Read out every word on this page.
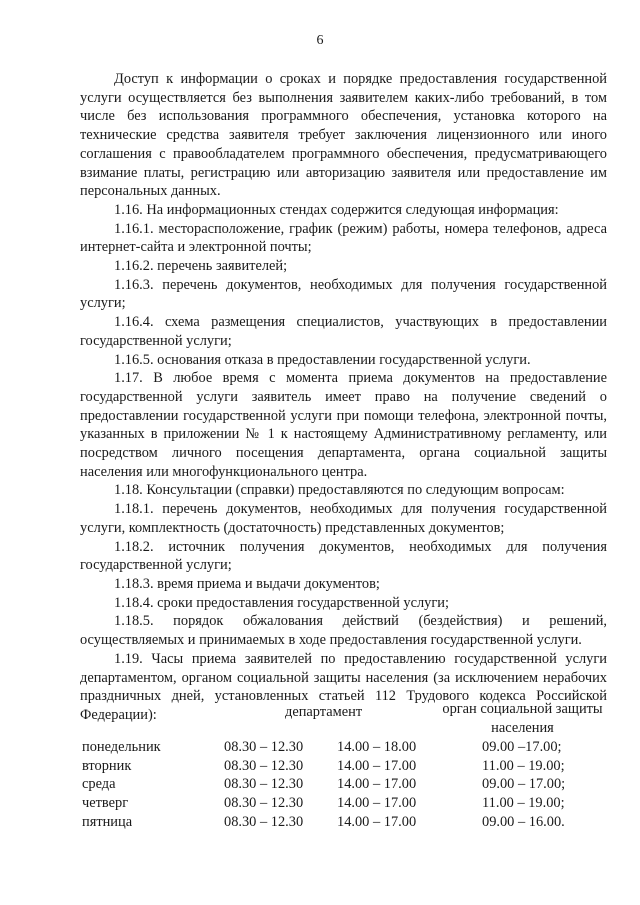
6

Доступ к информации о сроках и порядке предоставления государственной услуги осуществляется без выполнения заявителем каких-либо требований, в том числе без использования программного обеспечения, установка которого на технические средства заявителя требует заключения лицензионного или иного соглашения с правообладателем программного обеспечения, предусматривающего взимание платы, регистрацию или авторизацию заявителя или предоставление им персональных данных.

1.16. На информационных стендах содержится следующая информация:

1.16.1. месторасположение, график (режим) работы, номера телефонов, адреса интернет-сайта и электронной почты;

1.16.2. перечень заявителей;

1.16.3. перечень документов, необходимых для получения государственной услуги;

1.16.4. схема размещения специалистов, участвующих в предоставлении государственной услуги;

1.16.5. основания отказа в предоставлении государственной услуги.

1.17. В любое время с момента приема документов на предоставление государственной услуги заявитель имеет право на получение сведений о предоставлении государственной услуги при помощи телефона, электронной почты, указанных в приложении № 1 к настоящему Административному регламенту, или посредством личного посещения департамента, органа социальной защиты населения или многофункционального центра.

1.18. Консультации (справки) предоставляются по следующим вопросам:

1.18.1. перечень документов, необходимых для получения государственной услуги, комплектность (достаточность) представленных документов;

1.18.2. источник получения документов, необходимых для получения государственной услуги;

1.18.3. время приема и выдачи документов;

1.18.4. сроки предоставления государственной услуги;

1.18.5. порядок обжалования действий (бездействия) и решений, осуществляемых и принимаемых в ходе предоставления государственной услуги.

1.19. Часы приема заявителей по предоставлению государственной услуги департаментом, органом социальной защиты населения (за исключением нерабочих праздничных дней, установленных статьей 112 Трудового кодекса Российской Федерации):	департамент	орган социальной защиты населения
понедельник	08.30 – 12.30 14.00 – 18.00	09.00 –17.00;
вторник	08.30 – 12.30 14.00 – 17.00	11.00 – 19.00;
среда	08.30 – 12.30 14.00 – 17.00	09.00 – 17.00;
четверг	08.30 – 12.30 14.00 – 17.00	11.00 – 19.00;
пятница	08.30 – 12.30 14.00 – 17.00	09.00 – 16.00.
